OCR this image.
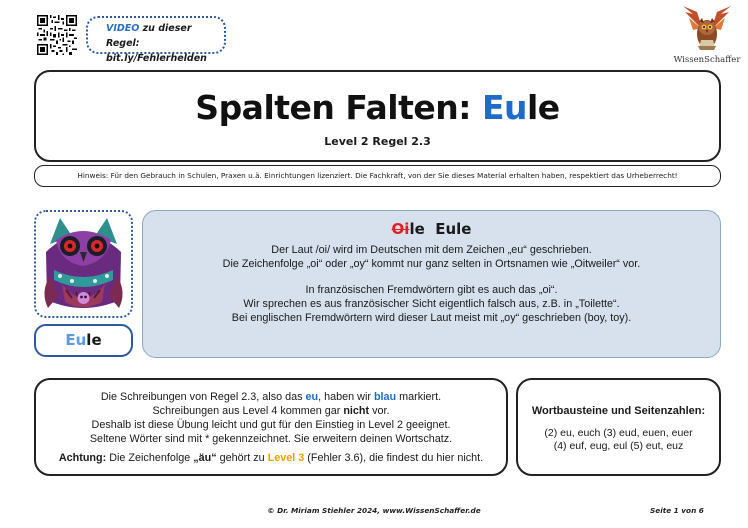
VIDEO zu dieser Regel:
bit.ly/Fehlerhelden	WissenSchaffer
Spalten Falten: Eule
Level 2 Regel 2.3
Hinweis: Für den Gebrauch in Schulen, Praxen u.ä. Einrichtungen lizenziert. Die Fachkraft, von der Sie dieses Material erhalten haben, respektiert das Urheberrecht!
Eule
Oile Eule
Der Laut /oi/ wird im Deutschen mit dem Zeichen „eu“ geschrieben.
Die Zeichenfolge „oi“ oder „oy“ kommt nur ganz selten in Ortsnamen wie „Oitweiler“ vor.
In französischen Fremdwörtern gibt es auch das „oi“.
Wir sprechen es aus französischer Sicht eigentlich falsch aus, z.B. in „Toilette“.
Bei englischen Fremdwörtern wird dieser Laut meist mit „oy“ geschrieben (boy, toy).
Die Schreibungen von Regel 2.3, also das eu, haben wir blau markiert.
Schreibungen aus Level 4 kommen gar nicht vor.
Deshalb ist diese Übung leicht und gut für den Einstieg in Level 2 geeignet.
Seltene Wörter sind mit * gekennzeichnet. Sie erweitern deinen Wortschatz.
Achtung: Die Zeichenfolge „äu“ gehört zu Level 3 (Fehler 3.6), die findest du hier nicht.
Wortbausteine und Seitenzahlen:
(2) eu, euch (3) eud, euen, euer
(4) euf, eug, eul (5) eut, euz
© Dr. Miriam Stiehler 2024, www.WissenSchaffer.de	Seite 1 von 6
